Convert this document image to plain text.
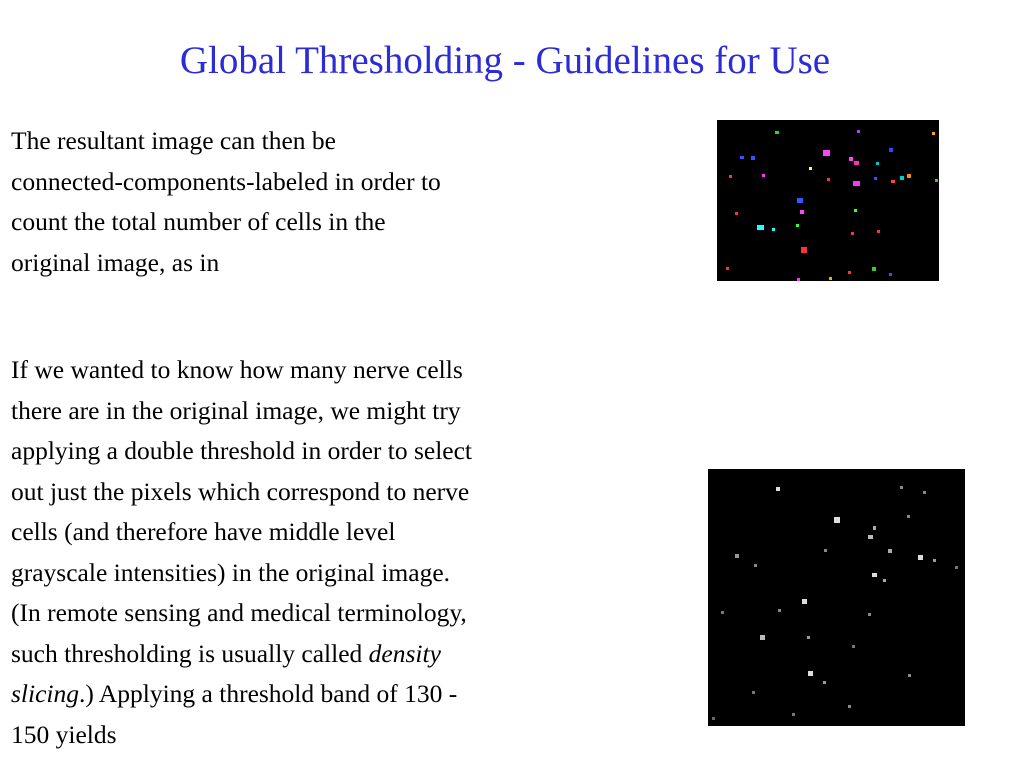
Global Thresholding - Guidelines for Use
The resultant image can then be
connected-components-labeled in order to
count the total number of cells in the
original image, as in
If we wanted to know how many nerve cells
there are in the original image, we might try
applying a double threshold in order to select
out just the pixels which correspond to nerve
cells (and therefore have middle level
grayscale intensities) in the original image.
(In remote sensing and medical terminology,
such thresholding is usually called density
slicing.) Applying a threshold band of 130 -
150 yields
